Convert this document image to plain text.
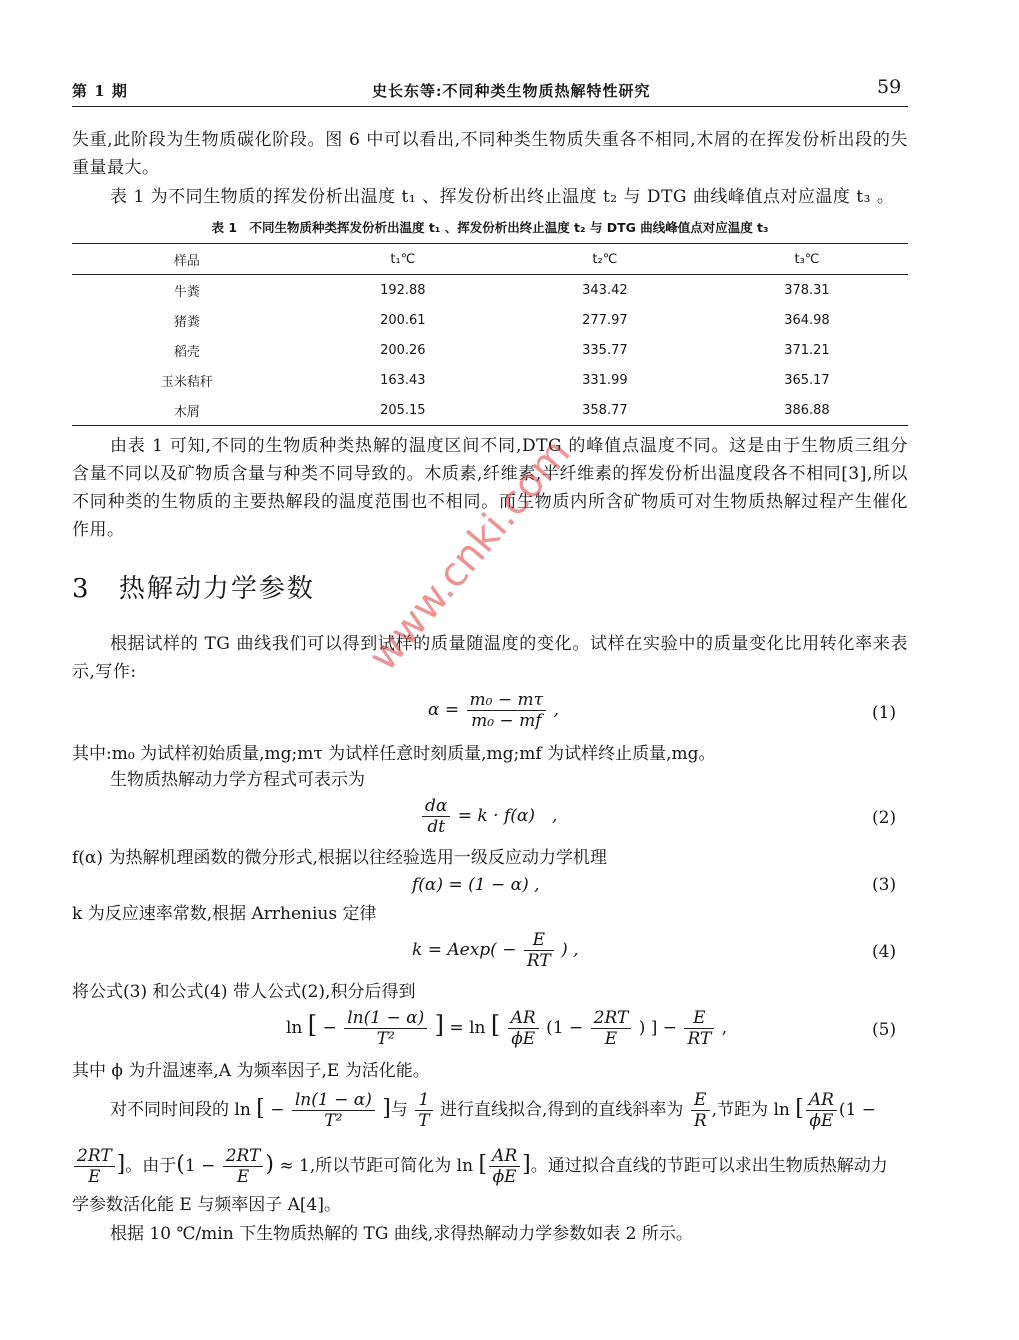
第 1 期	史长东等:不同种类生物质热解特性研究	59
失重,此阶段为生物质碳化阶段。图 6 中可以看出,不同种类生物质失重各不相同,木屑的在挥发份析出段的失重量最大。
表 1 为不同生物质的挥发份析出温度 t₁ 、挥发份析出终止温度 t₂ 与 DTG 曲线峰值点对应温度 t₃ 。
表 1　不同生物质种类挥发份析出温度 t₁ 、挥发份析出终止温度 t₂ 与 DTG 曲线峰值点对应温度 t₃
样品	t₁℃	t₂℃	t₃℃
牛粪	192.88	343.42	378.31
猪粪	200.61	277.97	364.98
稻壳	200.26	335.77	371.21
玉米秸秆	163.43	331.99	365.17
木屑	205.15	358.77	386.88
由表 1 可知,不同的生物质种类热解的温度区间不同,DTG 的峰值点温度不同。这是由于生物质三组分含量不同以及矿物质含量与种类不同导致的。木质素,纤维素,半纤维素的挥发份析出温度段各不相同[3],所以不同种类的生物质的主要热解段的温度范围也不相同。而生物质内所含矿物质可对生物质热解过程产生催化作用。
3 热解动力学参数
根据试样的 TG 曲线我们可以得到试样的质量随温度的变化。试样在实验中的质量变化比用转化率来表示,写作:
$\alpha = \frac{\text{m₀ − mτ}}{\text{m₀ − mf}}$ ,	(1)
其中:m₀ 为试样初始质量,mg;mτ 为试样任意时刻质量,mg;mf 为试样终止质量,mg。
生物质热解动力学方程式可表示为
$\frac{d\alpha}{dt} = k \cdot f(\alpha)$　,	(2)
f(α) 为热解机理函数的微分形式,根据以往经验选用一级反应动力学机理
f(α) = (1 − α) ,	(3)
k 为反应速率常数,根据 Arrhenius 定律
$k = Aexp( - \frac{E}{RT}$ ) ,	(4)
将公式(3) 和公式(4) 带人公式(2),积分后得到
ln [ − $\frac{\ln(1 - \alpha)}{\text{T²}}$ ] = ln [ $\frac{AR}{\phi E} (1 - \frac{2RT}{E}$ ) ] − $\frac{E}{RT}$ ,	(5)
其中 ϕ 为升温速率,A 为频率因子,E 为活化能。
对不同时间段的 ln [ − $\frac{\ln(1 - \alpha)}{\text{T²}}$ ]与 $\frac{1}{T}$ 进行直线拟合,得到的直线斜率为 $\frac{E}{R}$ ,节距为 ln [ $\frac{AR}{\phi E} (1$ −
$\frac{2RT}{E}$ ]。由于($1 - \frac{2RT}{E}$ ) ≈ 1,所以节距可简化为 ln [ $\frac{AR}{\phi E}$ ]。通过拟合直线的节距可以求出生物质热解动力
学参数活化能 E 与频率因子 A[4]。
根据 10 ℃/min 下生物质热解的 TG 曲线,求得热解动力学参数如表 2 所示。
www.cnki.com
